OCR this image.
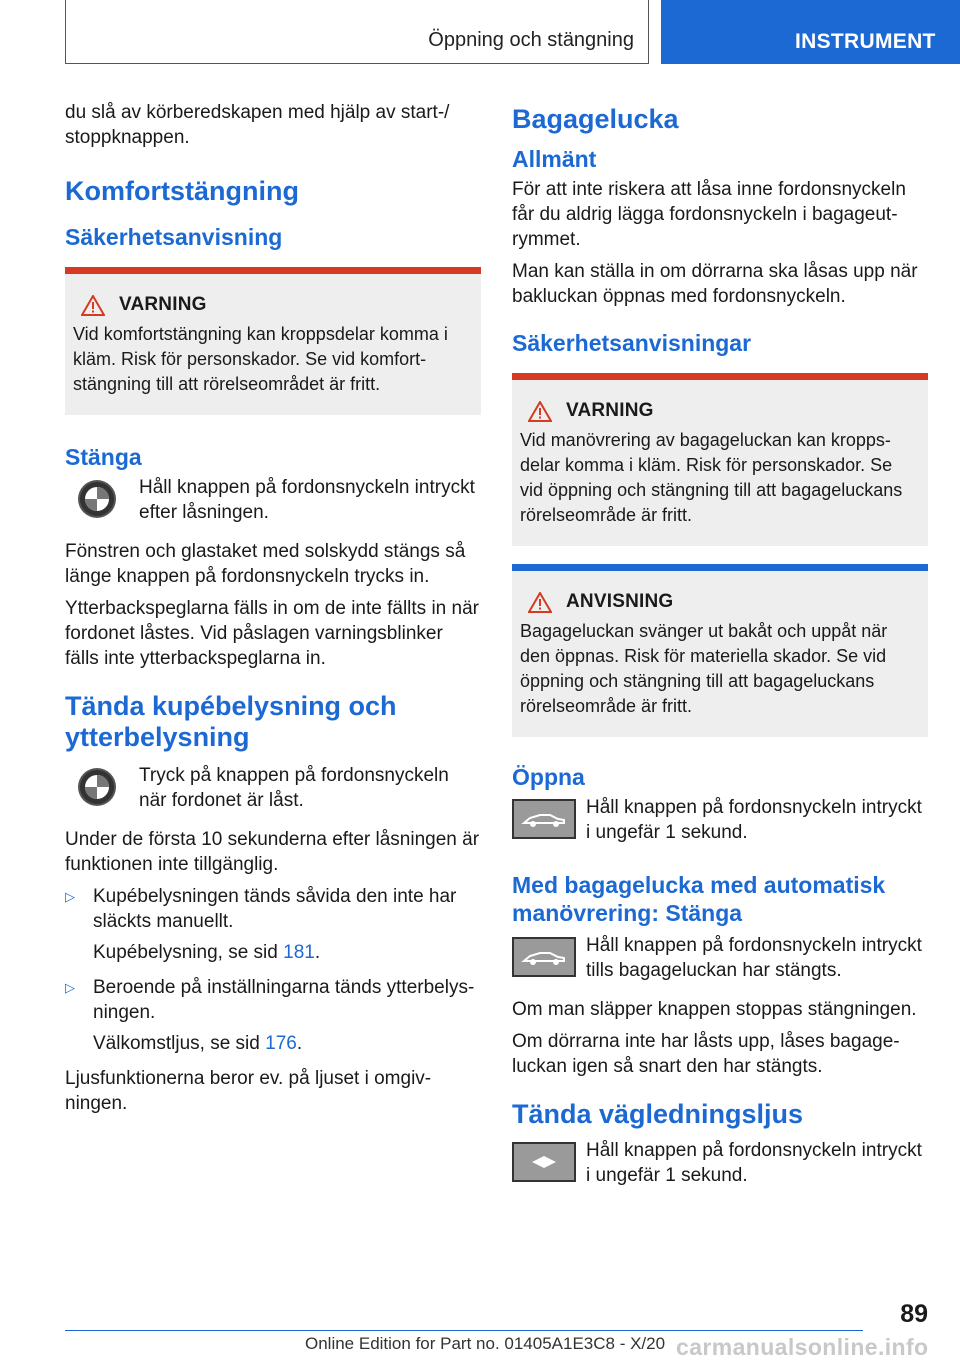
Öppning och stängning	INSTRUMENT

du slå av körberedskapen med hjälp av start-/ stoppknappen.

Komfortstängning
Säkerhetsanvisning
VARNING

Vid komfortstängning kan kroppsdelar komma i kläm. Risk för personskador. Se vid komfortstängning till att rörelseområdet är fritt.

Stänga

Håll knappen på fordonsnyckeln intryckt efter låsningen.

Fönstren och glastaket med solskydd stängs så länge knappen på fordonsnyckeln trycks in.

Ytterbackspeglarna fälls in om de inte fällts in när fordonet låstes. Vid påslagen varningsblinker fälls inte ytterbackspeglarna in.

Tända kupébelysning och ytterbelysning

Tryck på knappen på fordonsnyckeln när fordonet är låst.

Under de första 10 sekunderna efter låsningen är funktionen inte tillgänglig.

▷ Kupébelysningen tänds såvida den inte har släckts manuellt.

Kupébelysning, se sid 181.

▷ Beroende på inställningarna tänds ytterbelysningen.

Välkomstljus, se sid 176.

Ljusfunktionerna beror ev. på ljuset i omgivningen.

Bagagelucka
Allmänt

För att inte riskera att låsa inne fordonsnyckeln får du aldrig lägga fordonsnyckeln i bagageutrymmet.

Man kan ställa in om dörrarna ska låsas upp när bakluckan öppnas med fordonsnyckeln.

Säkerhetsanvisningar
VARNING

Vid manövrering av bagageluckan kan kroppsdelar komma i kläm. Risk för personskador. Se vid öppning och stängning till att bagageluckans rörelseområde är fritt.

ANVISNING

Bagageluckan svänger ut bakåt och uppåt när den öppnas. Risk för materiella skador. Se vid öppning och stängning till att bagageluckans rörelseområde är fritt.

Öppna

Håll knappen på fordonsnyckeln intryckt i ungefär 1 sekund.

Med bagagelucka med automatisk manövrering: Stänga

Håll knappen på fordonsnyckeln intryckt tills bagageluckan har stängts.

Om man släpper knappen stoppas stängningen.

Om dörrarna inte har låsts upp, låses bagageluckan igen så snart den har stängts.

Tända vägledningsljus

Håll knappen på fordonsnyckeln intryckt i ungefär 1 sekund.

89
Online Edition for Part no. 01405A1E3C8 - X/20 carmanualsonline.info
